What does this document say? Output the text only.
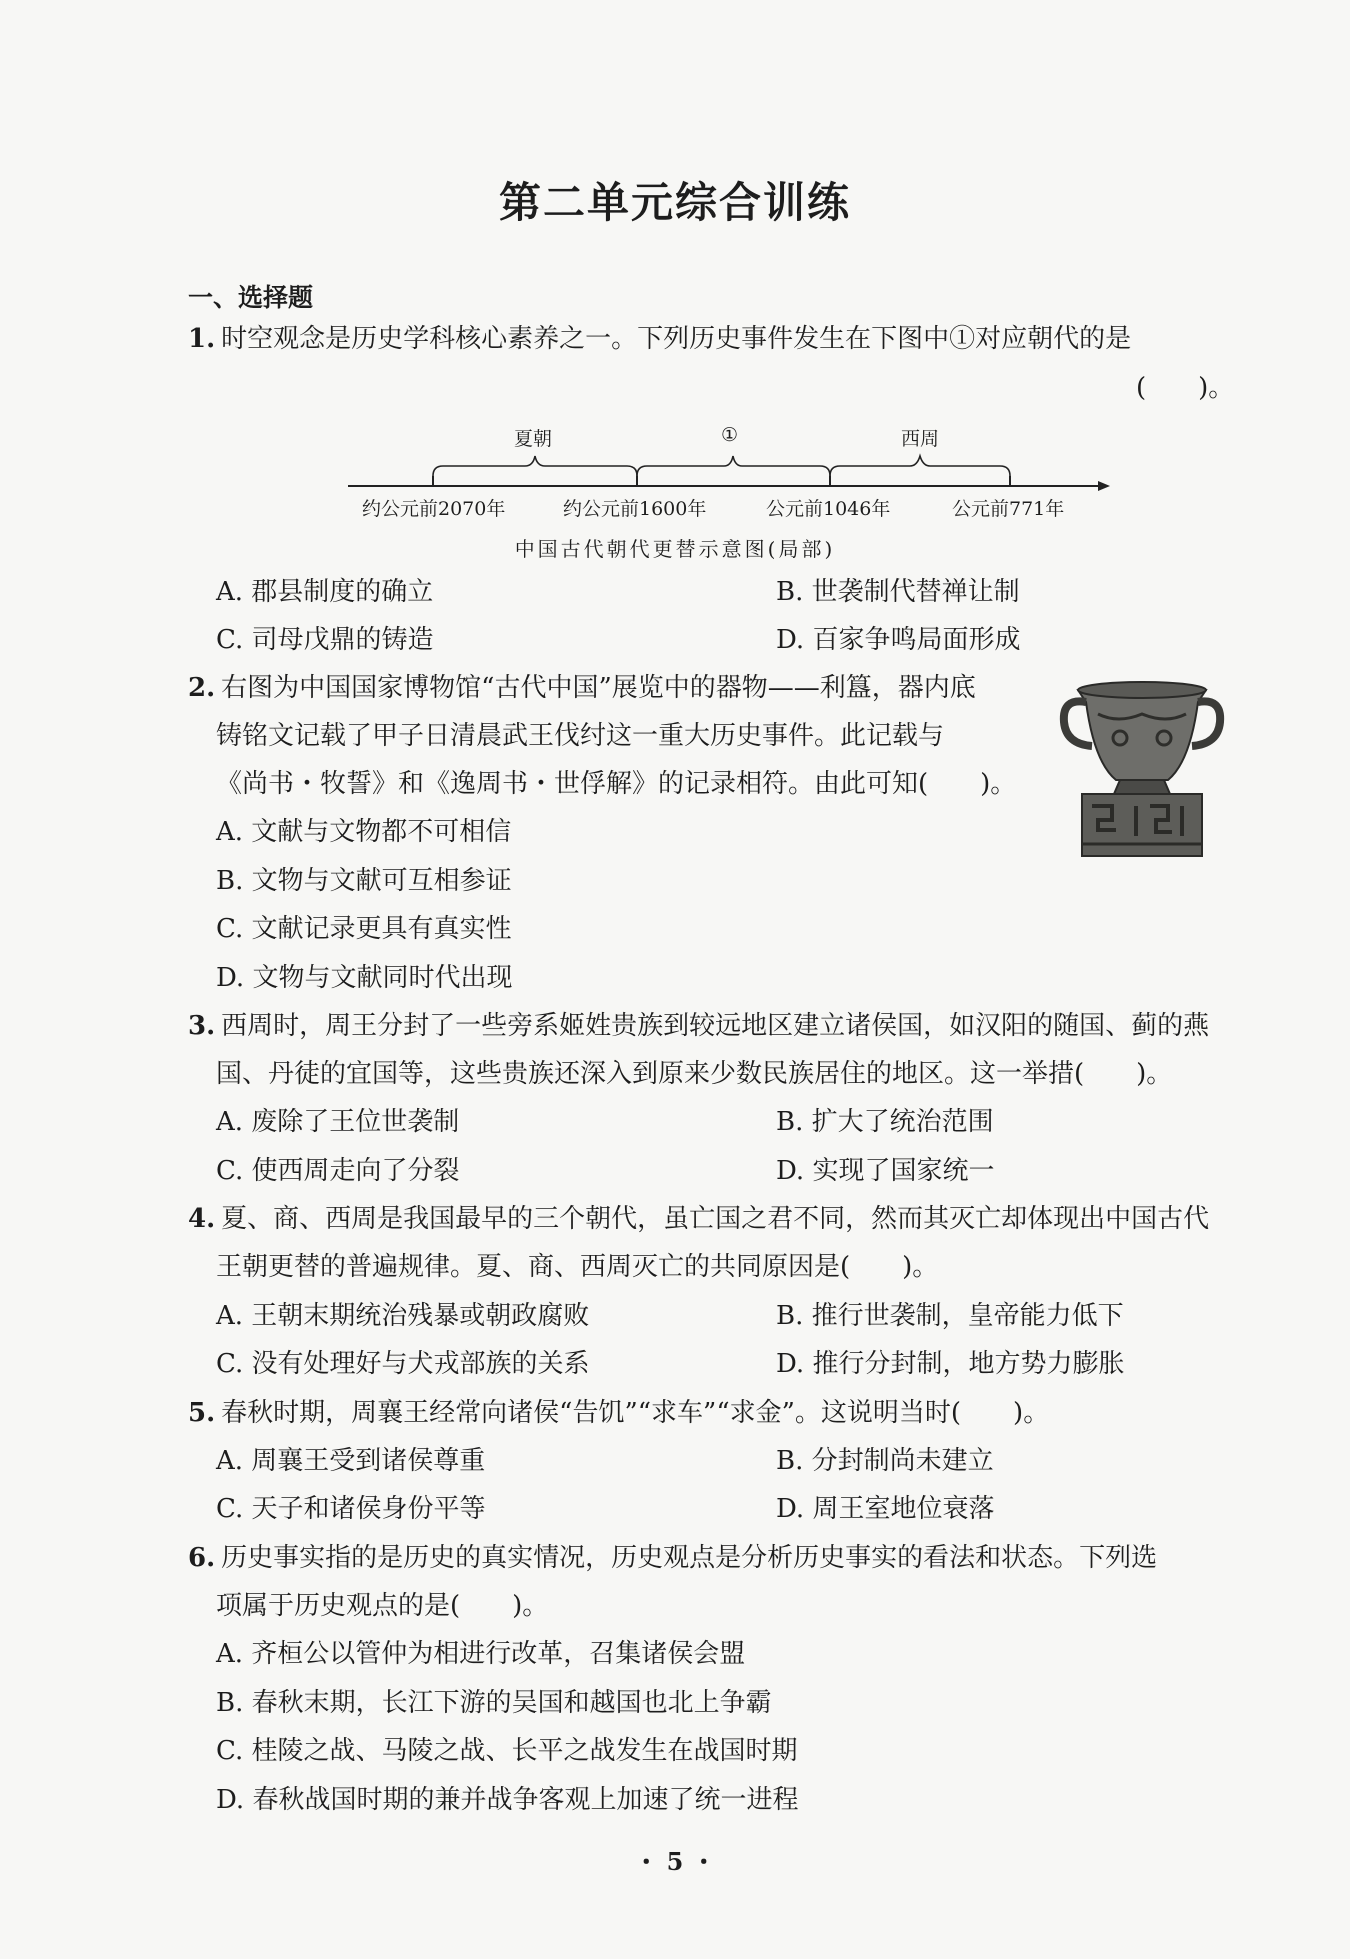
第二单元综合训练
一、选择题
1. 时空观念是历史学科核心素养之一。下列历史事件发生在下图中①对应朝代的是
(　　)。
夏朝	①	西周
约公元前2070年	约公元前1600年	公元前1046年	公元前771年
中国古代朝代更替示意图(局部)
A. 郡县制度的确立	B. 世袭制代替禅让制
C. 司母戊鼎的铸造	D. 百家争鸣局面形成
2. 右图为中国国家博物馆“古代中国”展览中的器物——利簋，器内底
铸铭文记载了甲子日清晨武王伐纣这一重大历史事件。此记载与
《尚书・牧誓》和《逸周书・世俘解》的记录相符。由此可知(　　)。
A. 文献与文物都不可相信
B. 文物与文献可互相参证
C. 文献记录更具有真实性
D. 文物与文献同时代出现
3. 西周时，周王分封了一些旁系姬姓贵族到较远地区建立诸侯国，如汉阳的随国、蓟的燕
国、丹徒的宜国等，这些贵族还深入到原来少数民族居住的地区。这一举措(　　)。
A. 废除了王位世袭制	B. 扩大了统治范围
C. 使西周走向了分裂	D. 实现了国家统一
4. 夏、商、西周是我国最早的三个朝代，虽亡国之君不同，然而其灭亡却体现出中国古代
王朝更替的普遍规律。夏、商、西周灭亡的共同原因是(　　)。
A. 王朝末期统治残暴或朝政腐败	B. 推行世袭制，皇帝能力低下
C. 没有处理好与犬戎部族的关系	D. 推行分封制，地方势力膨胀
5. 春秋时期，周襄王经常向诸侯“告饥”“求车”“求金”。这说明当时(　　)。
A. 周襄王受到诸侯尊重	B. 分封制尚未建立
C. 天子和诸侯身份平等	D. 周王室地位衰落
6. 历史事实指的是历史的真实情况，历史观点是分析历史事实的看法和状态。下列选
项属于历史观点的是(　　)。
A. 齐桓公以管仲为相进行改革，召集诸侯会盟
B. 春秋末期，长江下游的吴国和越国也北上争霸
C. 桂陵之战、马陵之战、长平之战发生在战国时期
D. 春秋战国时期的兼并战争客观上加速了统一进程
・ 5 ・
